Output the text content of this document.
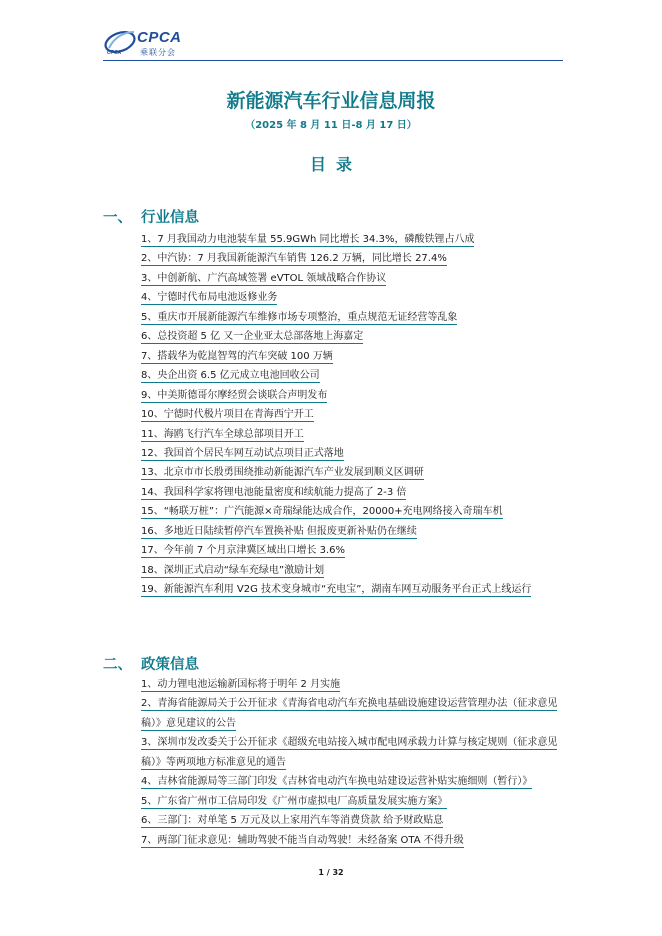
CPCA
CPCA
乘联分会
新能源汽车行业信息周报
（2025 年 8 月 11 日-8 月 17 日）
目录
一、 行业信息
1、7 月我国动力电池装车量 55.9GWh 同比增长 34.3%，磷酸铁锂占八成
2、中汽协：7 月我国新能源汽车销售 126.2 万辆，同比增长 27.4%
3、中创新航、广汽高域签署 eVTOL 领域战略合作协议
4、宁德时代布局电池返修业务
5、重庆市开展新能源汽车维修市场专项整治，重点规范无证经营等乱象
6、总投资超 5 亿 又一企业亚太总部落地上海嘉定
7、搭载华为乾崑智驾的汽车突破 100 万辆
8、央企出资 6.5 亿元成立电池回收公司
9、中美斯德哥尔摩经贸会谈联合声明发布
10、宁德时代极片项目在青海西宁开工
11、海鸥飞行汽车全球总部项目开工
12、我国首个居民车网互动试点项目正式落地
13、北京市市长殷勇围绕推动新能源汽车产业发展到顺义区调研
14、我国科学家将锂电池能量密度和续航能力提高了 2-3 倍
15、“畅联万桩”：广汽能源×奇瑞绿能达成合作，20000+充电网络接入奇瑞车机
16、多地近日陆续暂停汽车置换补贴 但报废更新补贴仍在继续
17、今年前 7 个月京津冀区域出口增长 3.6%
18、深圳正式启动“绿车充绿电”激励计划
19、新能源汽车利用 V2G 技术变身城市“充电宝”，湖南车网互动服务平台正式上线运行
二、 政策信息
1、动力锂电池运输新国标将于明年 2 月实施
2、青海省能源局关于公开征求《青海省电动汽车充换电基础设施建设运营管理办法（征求意见稿）》意见建议的公告
3、深圳市发改委关于公开征求《超级充电站接入城市配电网承载力计算与核定规则（征求意见稿）》等两项地方标准意见的通告
4、吉林省能源局等三部门印发《吉林省电动汽车换电站建设运营补贴实施细则（暂行）》
5、广东省广州市工信局印发《广州市虚拟电厂高质量发展实施方案》
6、三部门：对单笔 5 万元及以上家用汽车等消费贷款 给予财政贴息
7、两部门征求意见：辅助驾驶不能当自动驾驶！未经备案 OTA 不得升级
1 / 32
